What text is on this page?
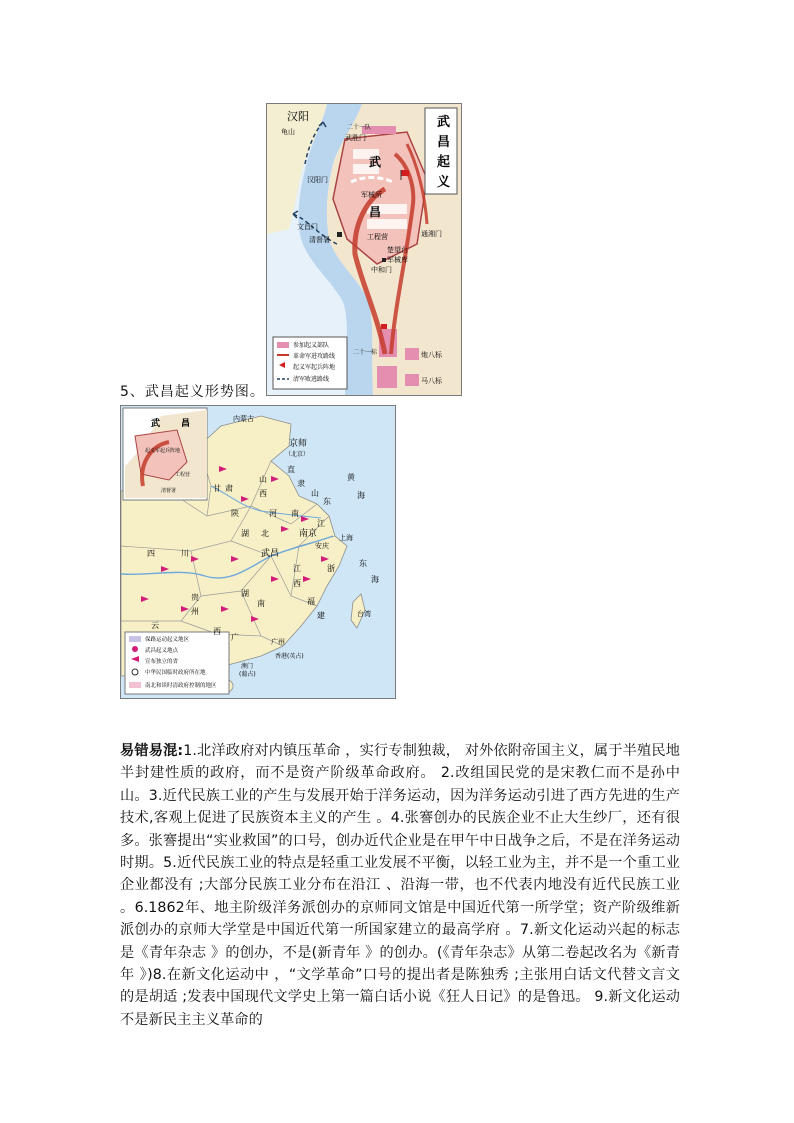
武
昌
起
义
汉阳
龟山
武胜门
二十一队
武
昌
汉阳门
军械所
文昌门
工程营
清督署
通湘门
楚望台
军械库
中和门
二十一标	炮八标
马八标
参加起义部队
革命军进攻路线
起义军起兵阵地
清军败逃路线
5、武昌起义形势图。
武 昌
起义军起兵阵地
工程营
清督署
内蒙古
京师
（北京）
直
隶
山
西
甘 肃
陕	河 南
山
东
江
南京
安庆
上海
四	川
湖 北
武昌
湖
南
江
西
浙
贵
州
福
建
云
广
西
广州
香港(英占)
澳门
(葡占)
台湾
黄
海
东
海
保路运动起义地区
武昌起义地点
宣布独立的省
中华民国临时政府所在地
南北和谈时清政府控制的地区
易错易混:1.北洋政府对内镇压革命 ，实行专制独裁， 对外依附帝国主义，属于半殖民地半封建性质的政府，而不是资产阶级革命政府。 2.改组国民党的是宋教仁而不是孙中山。3.近代民族工业的产生与发展开始于洋务运动，因为洋务运动引进了西方先进的生产技术,客观上促进了民族资本主义的产生 。4.张謇创办的民族企业不止大生纱厂，还有很多。张謇提出“实业救国”的口号，创办近代企业是在甲午中日战争之后，不是在洋务运动时期。5.近代民族工业的特点是轻重工业发展不平衡，以轻工业为主，并不是一个重工业企业都没有 ;大部分民族工业分布在沿江 、沿海一带，也不代表内地没有近代民族工业 。6.1862年、地主阶级洋务派创办的京师同文馆是中国近代第一所学堂；资产阶级维新派创办的京师大学堂是中国近代第一所国家建立的最高学府 。7.新文化运动兴起的标志是《青年杂志 》的创办，不是(新青年 》的创办。(《青年杂志》从第二卷起改名为《新青年 》)8.在新文化运动中 ，“文学革命”口号的提出者是陈独秀 ;主张用白话文代替文言文的是胡适 ;发表中国现代文学史上第一篇白话小说《狂人日记》的是鲁迅。 9.新文化运动不是新民主主义革命的
